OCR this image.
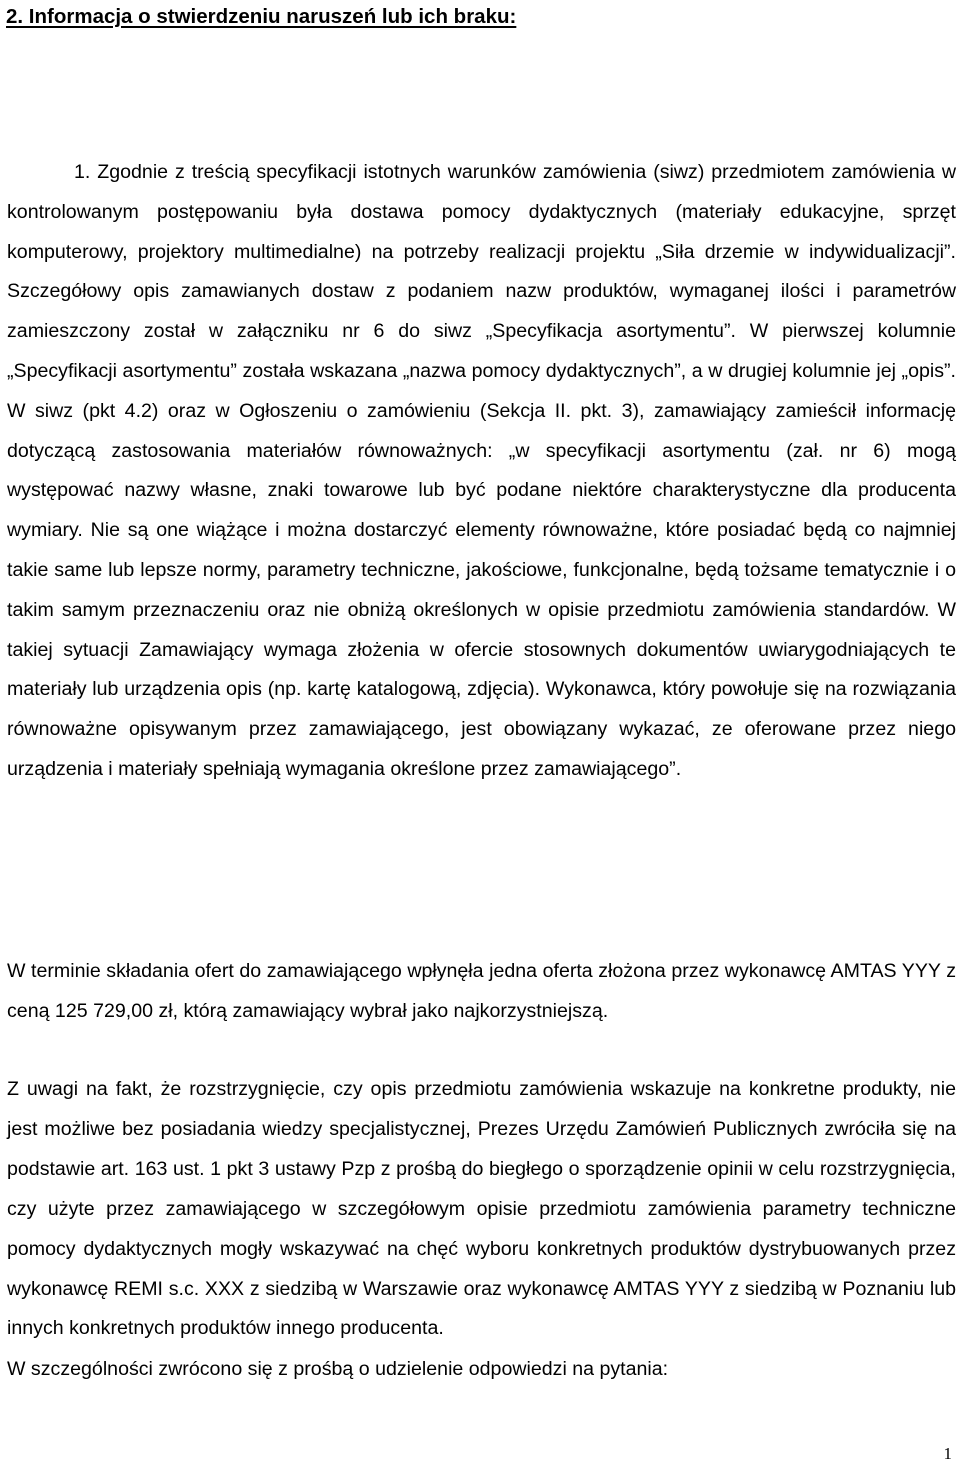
2. Informacja o stwierdzeniu naruszeń lub ich braku:

1. Zgodnie z treścią specyfikacji istotnych warunków zamówienia (siwz) przedmiotem zamówienia w kontrolowanym postępowaniu była dostawa pomocy dydaktycznych (materiały edukacyjne, sprzęt komputerowy, projektory multimedialne) na potrzeby realizacji projektu „Siła drzemie w indywidualizacji”. Szczegółowy opis zamawianych dostaw z podaniem nazw produktów, wymaganej ilości i parametrów zamieszczony został w załączniku nr 6 do siwz „Specyfikacja asortymentu”. W pierwszej kolumnie „Specyfikacji asortymentu” została wskazana „nazwa pomocy dydaktycznych”, a w drugiej kolumnie jej „opis”. W siwz (pkt 4.2) oraz w Ogłoszeniu o zamówieniu (Sekcja II. pkt. 3), zamawiający zamieścił informację dotyczącą zastosowania materiałów równoważnych: „w specyfikacji asortymentu (zał. nr 6) mogą występować nazwy własne, znaki towarowe lub być podane niektóre charakterystyczne dla producenta wymiary. Nie są one wiążące i można dostarczyć elementy równoważne, które posiadać będą co najmniej takie same lub lepsze normy, parametry techniczne, jakościowe, funkcjonalne, będą tożsame tematycznie i o takim samym przeznaczeniu oraz nie obniżą określonych w opisie przedmiotu zamówienia standardów. W takiej sytuacji Zamawiający wymaga złożenia w ofercie stosownych dokumentów uwiarygodniających te materiały lub urządzenia opis (np. kartę katalogową, zdjęcia). Wykonawca, który powołuje się na rozwiązania równoważne opisywanym przez zamawiającego, jest obowiązany wykazać, ze oferowane przez niego urządzenia i materiały spełniają wymagania określone przez zamawiającego”.

W terminie składania ofert do zamawiającego wpłynęła jedna oferta złożona przez wykonawcę AMTAS YYY z ceną 125 729,00 zł, którą zamawiający wybrał jako najkorzystniejszą.

Z uwagi na fakt, że rozstrzygnięcie, czy opis przedmiotu zamówienia wskazuje na konkretne produkty, nie jest możliwe bez posiadania wiedzy specjalistycznej, Prezes Urzędu Zamówień Publicznych zwróciła się na podstawie art. 163 ust. 1 pkt 3 ustawy Pzp z prośbą do biegłego o sporządzenie opinii w celu rozstrzygnięcia, czy użyte przez zamawiającego w szczegółowym opisie przedmiotu zamówienia parametry techniczne pomocy dydaktycznych mogły wskazywać na chęć wyboru konkretnych produktów dystrybuowanych przez wykonawcę REMI s.c. XXX z siedzibą w Warszawie oraz wykonawcę AMTAS YYY z siedzibą w Poznaniu lub innych konkretnych produktów innego producenta.

W szczególności zwrócono się z prośbą o udzielenie odpowiedzi na pytania:

1
